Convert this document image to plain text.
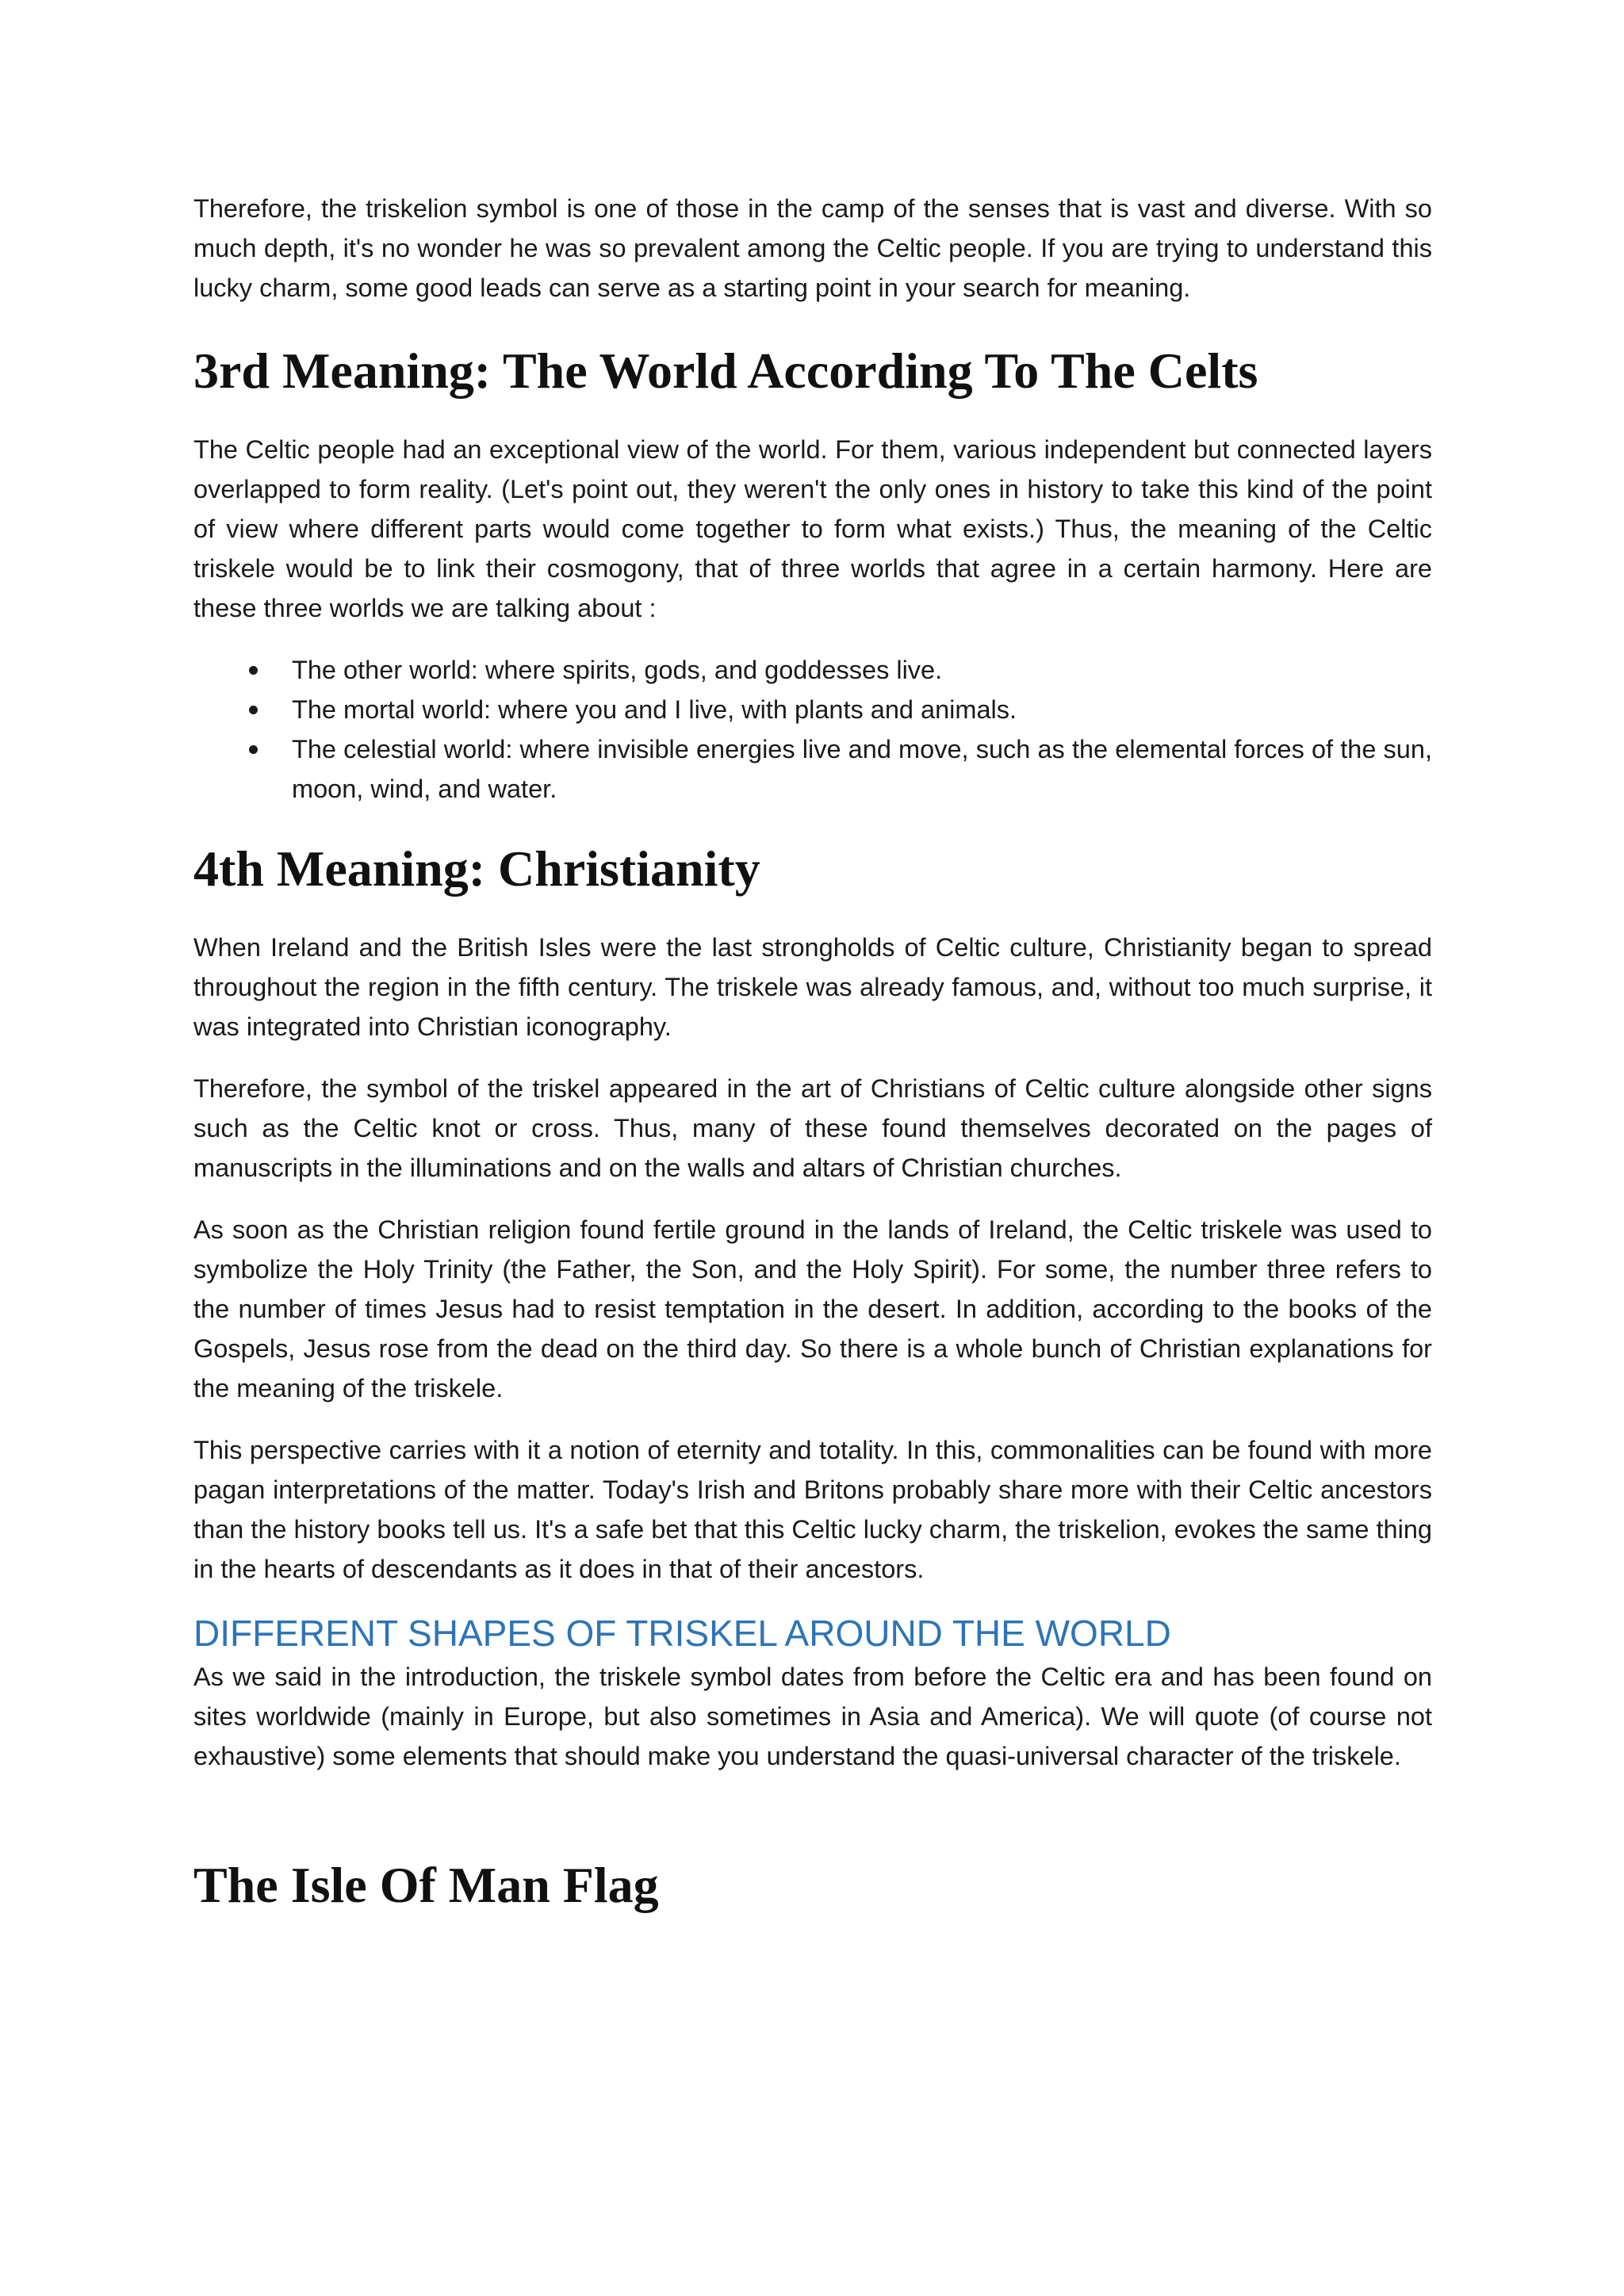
Therefore, the triskelion symbol is one of those in the camp of the senses that is vast and diverse. With so much depth, it's no wonder he was so prevalent among the Celtic people. If you are trying to understand this lucky charm, some good leads can serve as a starting point in your search for meaning.

3rd Meaning: The World According To The Celts

The Celtic people had an exceptional view of the world. For them, various independent but connected layers overlapped to form reality. (Let's point out, they weren't the only ones in history to take this kind of the point of view where different parts would come together to form what exists.) Thus, the meaning of the Celtic triskele would be to link their cosmogony, that of three worlds that agree in a certain harmony. Here are these three worlds we are talking about :

The other world: where spirits, gods, and goddesses live.
The mortal world: where you and I live, with plants and animals.
The celestial world: where invisible energies live and move, such as the elemental forces of the sun, moon, wind, and water.
4th Meaning: Christianity

When Ireland and the British Isles were the last strongholds of Celtic culture, Christianity began to spread throughout the region in the fifth century. The triskele was already famous, and, without too much surprise, it was integrated into Christian iconography.

Therefore, the symbol of the triskel appeared in the art of Christians of Celtic culture alongside other signs such as the Celtic knot or cross. Thus, many of these found themselves decorated on the pages of manuscripts in the illuminations and on the walls and altars of Christian churches.

As soon as the Christian religion found fertile ground in the lands of Ireland, the Celtic triskele was used to symbolize the Holy Trinity (the Father, the Son, and the Holy Spirit). For some, the number three refers to the number of times Jesus had to resist temptation in the desert. In addition, according to the books of the Gospels, Jesus rose from the dead on the third day. So there is a whole bunch of Christian explanations for the meaning of the triskele.

This perspective carries with it a notion of eternity and totality. In this, commonalities can be found with more pagan interpretations of the matter. Today's Irish and Britons probably share more with their Celtic ancestors than the history books tell us. It's a safe bet that this Celtic lucky charm, the triskelion, evokes the same thing in the hearts of descendants as it does in that of their ancestors.

DIFFERENT SHAPES OF TRISKEL AROUND THE WORLD

As we said in the introduction, the triskele symbol dates from before the Celtic era and has been found on sites worldwide (mainly in Europe, but also sometimes in Asia and America). We will quote (of course not exhaustive) some elements that should make you understand the quasi-universal character of the triskele.

The Isle Of Man Flag
